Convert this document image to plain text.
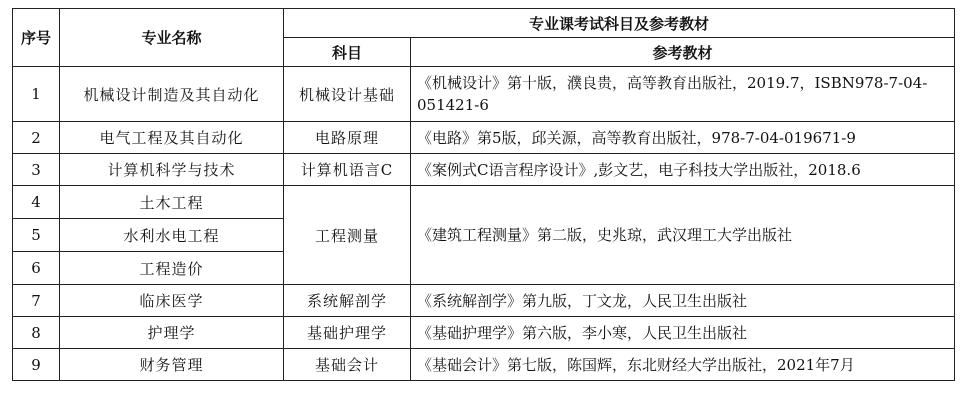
序号	专业名称	专业课考试科目及参考教材	
		科目	参考教材
1	机械设计制造及其自动化	机械设计基础	《机械设计》第十版，濮良贵，高等教育出版社，2019.7，ISBN978-7-04-051421-6
2	电气工程及其自动化	电路原理	《电路》第5版，邱关源，高等教育出版社，978-7-04-019671-9
3	计算机科学与技术	计算机语言C	《案例式C语言程序设计》,彭文艺，电子科技大学出版社，2018.6
4	土木工程	工程测量	《建筑工程测量》第二版，史兆琼，武汉理工大学出版社
5	水利水电工程		
6	工程造价		
7	临床医学	系统解剖学	《系统解剖学》第九版，丁文龙，人民卫生出版社
8	护理学	基础护理学	《基础护理学》第六版，李小寒，人民卫生出版社
9	财务管理	基础会计	《基础会计》第七版，陈国辉，东北财经大学出版社，2021年7月
